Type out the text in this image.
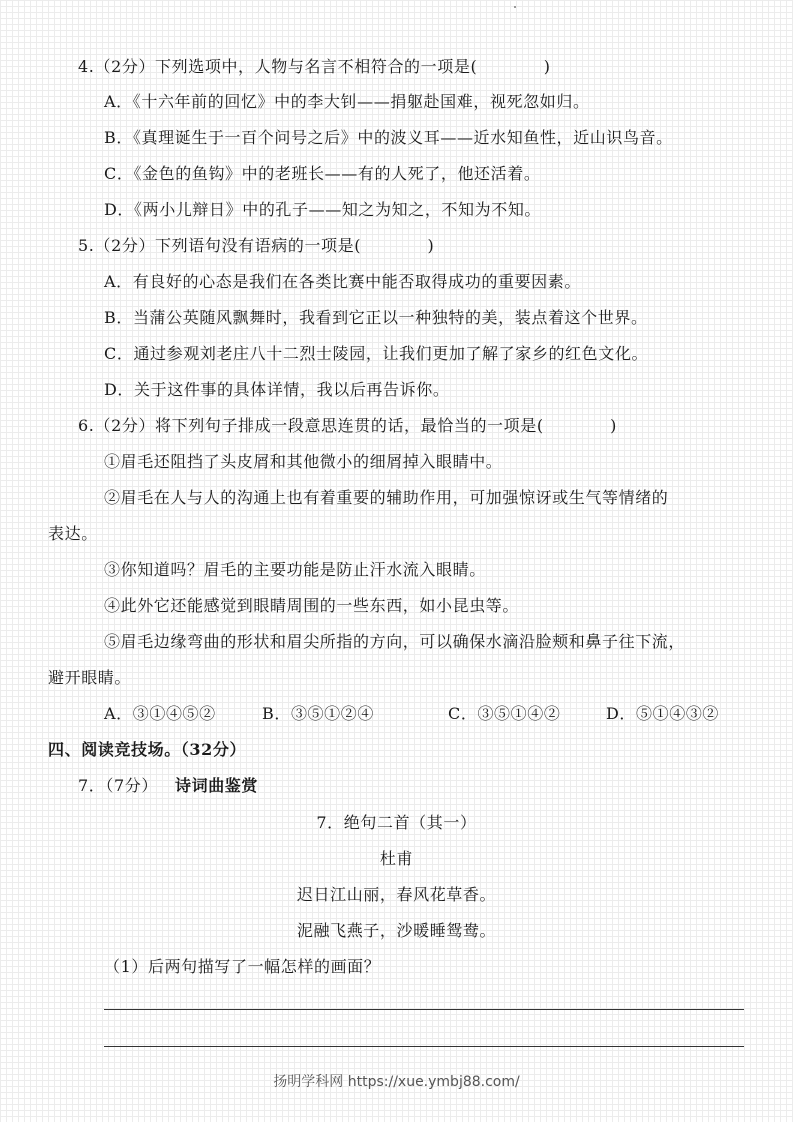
4.（2分）下列选项中，人物与名言不相符合的一项是(　　　　)
A．《十六年前的回忆》中的李大钊——捐躯赴国难，视死忽如归。
B．《真理诞生于一百个问号之后》中的波义耳——近水知鱼性，近山识鸟音。
C．《金色的鱼钩》中的老班长——有的人死了，他还活着。
D．《两小儿辩日》中的孔子——知之为知之，不知为不知。
5.（2分）下列语句没有语病的一项是(　　　　)
A．有良好的心态是我们在各类比赛中能否取得成功的重要因素。
B．当蒲公英随风飘舞时，我看到它正以一种独特的美，装点着这个世界。
C．通过参观刘老庄八十二烈士陵园，让我们更加了解了家乡的红色文化。
D．关于这件事的具体详情，我以后再告诉你。
6.（2分）将下列句子排成一段意思连贯的话，最恰当的一项是(　　　　)
①眉毛还阻挡了头皮屑和其他微小的细屑掉入眼睛中。
②眉毛在人与人的沟通上也有着重要的辅助作用，可加强惊讶或生气等情绪的
表达。
③你知道吗？眉毛的主要功能是防止汗水流入眼睛。
④此外它还能感觉到眼睛周围的一些东西，如小昆虫等。
⑤眉毛边缘弯曲的形状和眉尖所指的方向，可以确保水滴沿脸颊和鼻子往下流，
避开眼睛。
A．③①④⑤②	B．③⑤①②④	C．③⑤①④②	D．⑤①④③②
四、阅读竞技场。（32分）
7．（7分） 诗词曲鉴赏
7．绝句二首（其一）
杜甫
迟日江山丽，春风花草香。
泥融飞燕子，沙暖睡鸳鸯。
（1）后两句描写了一幅怎样的画面？
扬明学科网 https://xue.ymbj88.com/
